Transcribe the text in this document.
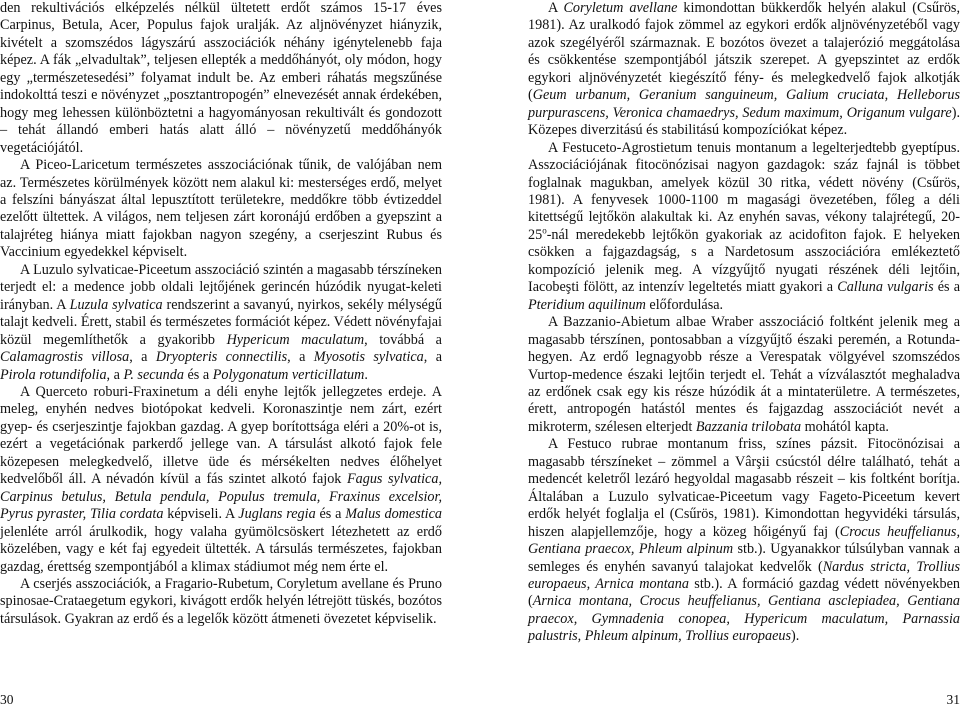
den rekultivációs elképzelés nélkül ültetett erdőt számos 15-17 éves Carpinus, Betula, Acer, Populus fajok uralják. Az aljnövényzet hiányzik, kivételt a szomszédos lágyszárú asszociációk néhány igénytelenebb faja képez. A fák „elvadultak”, teljesen ellepték a meddőhányót, oly módon, hogy egy „természetesedési” folyamat indult be. Az emberi ráhatás megszűnése indokolttá teszi e növényzet „posztantropogén” elnevezését annak érdekében, hogy meg lehessen különböztetni a hagyományosan rekultivált és gondozott – tehát állandó emberi hatás alatt álló – növényzetű meddőhányók vegetációjától.

A Piceo-Laricetum természetes asszociációnak tűnik, de valójában nem az. Természetes körülmények között nem alakul ki: mesterséges erdő, melyet a felszíni bányászat által lepusztított területekre, meddőkre több évtizeddel ezelőtt ültettek. A világos, nem teljesen zárt koronájú erdőben a gyepszint a talajréteg hiánya miatt fajokban nagyon szegény, a cserjeszint Rubus és Vaccinium egyedekkel képviselt.

A Luzulo sylvaticae-Piceetum asszociáció szintén a magasabb térszíneken terjedt el: a medence jobb oldali lejtőjének gerincén húzódik nyugat-keleti irányban. A Luzula sylvatica rendszerint a savanyú, nyirkos, sekély mélységű talajt kedveli. Érett, stabil és természetes formációt képez. Védett növényfajai közül megemlíthetők a gyakoribb Hypericum maculatum, továbbá a Calamagrostis villosa, a Dryopteris connectilis, a Myosotis sylvatica, a Pirola rotundifolia, a P. secunda és a Polygonatum verticillatum.

A Querceto roburi-Fraxinetum a déli enyhe lejtők jellegzetes erdeje. A meleg, enyhén nedves biotópokat kedveli. Koronaszintje nem zárt, ezért gyep- és cserjeszintje fajokban gazdag. A gyep borítottsága eléri a 20%-ot is, ezért a vegetációnak parkerdő jellege van. A társulást alkotó fajok fele közepesen melegkedvelő, illetve üde és mérsékelten nedves élőhelyet kedvelőből áll. A névadón kívül a fás szintet alkotó fajok Fagus sylvatica, Carpinus betulus, Betula pendula, Populus tremula, Fraxinus excelsior, Pyrus pyraster, Tilia cordata képviseli. A Juglans regia és a Malus domestica jelenléte arról árulkodik, hogy valaha gyümölcsöskert létezhetett az erdő közelében, vagy e két faj egyedeit ültették. A társulás természetes, fajokban gazdag, érettség szempontjából a klimax stádiumot még nem érte el.

A cserjés asszociációk, a Fragario-Rubetum, Coryletum avellane és Pruno spinosae-Crataegetum egykori, kivágott erdők helyén létrejött tüskés, bozótos társulások. Gyakran az erdő és a legelők között átmeneti övezetet képviselik.

A Coryletum avellane kimondottan bükkerdők helyén alakul (Csűrös, 1981). Az uralkodó fajok zömmel az egykori erdők aljnövényzetéből vagy azok szegélyéről származnak. E bozótos övezet a talajerózió meggátolása és csökkentése szempontjából játszik szerepet. A gyepszintet az erdők egykori aljnövényzetét kiegészítő fény- és melegkedvelő fajok alkotják (Geum urbanum, Geranium sanguineum, Galium cruciata, Helleborus purpurascens, Veronica chamaedrys, Sedum maximum, Origanum vulgare). Közepes diverzitású és stabilitású kompozíciókat képez.

A Festuceto-Agrostietum tenuis montanum a legelterjedtebb gyeptípus. Asszociációjának fitocönózisai nagyon gazdagok: száz fajnál is többet foglalnak magukban, amelyek közül 30 ritka, védett növény (Csűrös, 1981). A fenyvesek 1000-1100 m magasági övezetében, főleg a déli kitettségű lejtőkön alakultak ki. Az enyhén savas, vékony talajrétegű, 20-25$^o$-nál meredekebb lejtőkön gyakoriak az acidofiton fajok. E helyeken csökken a fajgazdagság, s a Nardetosum asszociációra emlékeztető kompozíció jelenik meg. A vízgyűjtő nyugati részének déli lejtőin, Iacobeşti fölött, az intenzív legeltetés miatt gyakori a Calluna vulgaris és a Pteridium aquilinum előfordulása.

A Bazzanio-Abietum albae Wraber asszociáció foltként jelenik meg a magasabb térszínen, pontosabban a vízgyűjtő északi peremén, a Rotunda-hegyen. Az erdő legnagyobb része a Verespatak völgyével szomszédos Vurtop-medence északi lejtőin terjedt el. Tehát a vízválasztót meghaladva az erdőnek csak egy kis része húzódik át a mintaterületre. A természetes, érett, antropogén hatástól mentes és fajgazdag asszociációt nevét a mikroterm, szélesen elterjedt Bazzania trilobata mohától kapta.

A Festuco rubrae montanum friss, színes pázsit. Fitocönózisai a magasabb térszíneket – zömmel a Vârşii csúcstól délre található, tehát a medencét keletről lezáró hegyoldal magasabb részeit – kis foltként borítja. Általában a Luzulo sylvaticae-Piceetum vagy Fageto-Piceetum kevert erdők helyét foglalja el (Csűrös, 1981). Kimondottan hegyvidéki társulás, hiszen alapjellemzője, hogy a közeg hőigényű faj (Crocus heuffelianus, Gentiana praecox, Phleum alpinum stb.). Ugyanakkor túlsúlyban vannak a semleges és enyhén savanyú talajokat kedvelők (Nardus stricta, Trollius europaeus, Arnica montana stb.). A formáció gazdag védett növényekben (Arnica montana, Crocus heuffelianus, Gentiana asclepiadea, Gentiana praecox, Gymnadenia conopea, Hypericum maculatum, Parnassia palustris, Phleum alpinum, Trollius europaeus).

30	31
